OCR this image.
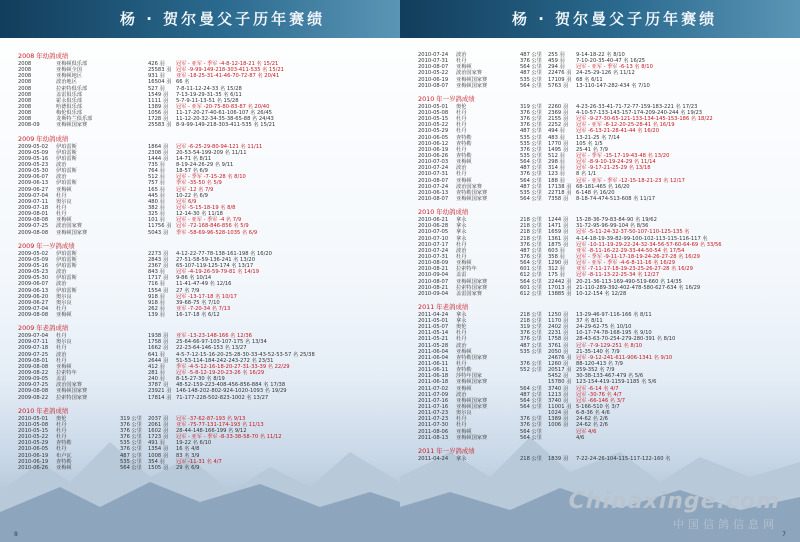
杨 · 贺尔曼父子历年赛绩
2008 年幼鸽成绩
2008	亚梅顿俱乐部	426 羽 冠军 - 亚军 - 季军 -4-8-12-18-21 名 15/21
2008	亚梅顿全国	25583 羽 冠军 -9-99-149-218-303-411-535 名 15/21
2008	亚梅顿地区	931 羽 亚军 -18-25-31-41-46-70-72-87 名 20/41
2008	波治地区	16504 羽 66 名
2008	拉索特俱乐部	527 羽 7-8-11-12-24-33 名 15/28
2008	盖雷俱乐部	1549 羽 7-13-19-29-31-35 名 6/11
2008	霍永俱乐部	1111 羽 5-7-9-11-13-51 名 15/28
2008	哈德俱乐部	1389 羽 冠军 - 亚军 -20-75-80-83-87 名 20/40
2008	梅伦俱乐部	1056 羽 11-17-20-27-40-61-106-107 名 26/45
2008	龙斯特兰俱乐部	1728 羽 11-12-20-32-34-35-38-65-88 名 24/43
2008-09	亚梅顿国家赛	25583 羽 8-9-99-149-218-303-411-535 名 15/21
2009 年幼鸽成绩
2009-05-02 伊珀雷斯	1864 羽 冠军 -6-25-29-80-94-121 名 11/11
2009-05-09 伊珀雷斯	2308 羽 20-53-54-199-209 名 11/11
2009-05-16 伊珀雷斯	1444 羽 14-71 名 8/11
2009-05-23 波治	735 羽 8-19-24-26-29 名 9/11
2009-05-30 伊珀雷斯	764 羽 18-57 名 6/9
2009-06-07 波治	512 羽 冠军 - 季军 -7-15-28 名 8/10
2009-06-13 伊珀雷斯	757 羽 季军 -35-50 名 5/9
2009-06-27 亚梅顿	165 羽 冠军 -12 名 7/9
2009-07-04 杜丹	445 羽 10-22 名 6/9
2009-07-11 奥尔良	480 羽 冠军 6/9
2009-07-18 杜丹	382 羽 冠军 -5-15-18-19 名 8/8
2009-08-01 杜丹	325 羽 12-14-30 名 11/18
2009-08-08 亚梅顿	101 羽 冠军 - 亚军 - 季军 -4 名 7/9
2009-07-25 波治国家赛	11756 羽 冠军 -72-168-846-856 名 5/9
2009-08-08 亚梅顿国家赛	5043 羽 季军 -58-69-96-528-1035 名 6/9
2009 年一岁鸽成绩
2009-05-02 伊珀雷斯	2273 羽 4-12-22-77-78-138-161-198 名 16/20
2009-05-09 伊珀雷斯	2843 羽 27-51-58-59-136-241 名 13/20
2009-05-16 伊珀雷斯	2367 羽 65-107-119-125-174 名 13/17
2009-05-23 波治	843 羽 冠军 -4-19-26-59-79-81 名 14/19
2009-05-30 伊珀雷斯	1717 羽 9-86 名 10/14
2009-06-07 波治	716 羽 11-41-47-49 名 12/16
2009-06-13 伊珀雷斯	1554 羽 27 名 7/9
2009-06-20 奥尔良	918 羽 冠军 -13-17-18 名 10/17
2009-06-27 奥尔良	918 羽 39-68-75 名 7/10
2009-07-04 杜丹	262 羽 亚军 -7-20-34 名 7/13
2009-08-08 亚梅顿	139 羽 16-17-18 名 6/12
2009 年老鸽成绩
2009-07-04 杜丹	1938 羽 亚军 -13-23-148-166 名 12/36
2009-07-11 奥尔良	1758 羽 25-64-66-97-103-107-175 名 13/34
2009-07-18 杜丹	1662 羽 22-23-64-146-153 名 13/27
2009-07-25 波治	641 羽 4-5-7-12-15-16-20-25-28-30-33-43-52-53-57 名 25/38
2009-08-01 杜丹	2644 羽 51-53-114-184-242-243-272 名 23/31
2009-08-08 亚梅顿	412 羽 季军 -4-5-12-16-18-20-27-31-33-39 名 22/29
2009-08-22 拉索特年	281 羽 冠军 -5-8-12-19-20-23-26 名 16/29
2009-09-05 盖雷	240 羽 8-15-27-30 名 8/19
2009-07-25 波治国家赛	3787 羽 48-52-159-223-408-456-856-884 名 17/38
2009-08-08 亚梅顿国家赛	23921 羽 146-148-202-802-924-1020-1093 名 19/29
2009-08-22 拉索特国家赛	17814 羽 71-177-228-502-823-1002 名 13/27
2010 年老鸽成绩
2010-05-01 奥伦	319 公里 2037 羽 冠军 -37-62-87-193 名 9/13
2010-05-08 杜丹	376 公里 2061 羽 亚军 -75-77-131-174-193 名 11/13
2010-05-15 杜丹	376 公里 1602 羽 28-44-148-166-199 名 9/12
2010-05-22 杜丹	376 公里 1723 羽 冠军 - 亚军 - 季军 -8-33-38-58-70 名 11/12
2010-05-29 查特勒	535 公里 491 羽 19-22 名 6/10
2010-06-05 杜丹	376 公里 1354 羽 16 名 4/8
2010-06-19 布卢瓦	487 公里 1008 羽 83 名 3/9
2010-06-19 查特勒	535 公里 354 羽 冠军 -11-31 名 4/7
2010-06-26 亚梅顿	564 公里 1505 羽 29 名 6/9
8
杨 · 贺尔曼父子历年赛绩
2010-07-24 波治	487 公里 255 羽 9-14-18-22 名 8/10
2010-07-31 杜丹	376 公里 459 羽 7-10-20-35-40-47 名 16/25
2010-08-07 亚梅顿	564 公里 294 羽 冠军 - 亚军 - 季军 -6-13 名 8/10
2010-05-22 波治国家赛	487 公里 22476 羽 24-25-29-126 名 11/12
2010-06-19 亚梅顿国家赛	535 公里 17109 羽 68 名 6/11
2010-08-07 亚梅顿国家赛	564 公里 5763 羽 13-110-147-282-434 名 7/10
2010 年一岁鸽成绩
2010-05-01 奥伦	319 公里 2260 羽 4-23-26-33-41-71-72-77-159-183-221 名 17/23
2010-05-08 杜丹	376 公里 2369 羽 4-10-57-133-143-157-174-209-240-244 名 19/23
2010-05-15 杜丹	376 公里 2155 羽 冠军 -9-27-30-65-121-133-134-145-153-186 名 18/22
2010-05-22 杜丹	376 公里 2252 羽 冠军 - 亚军 -8-12-20-25-28-41 名 16/19
2010-05-29 杜丹	487 公里 494 羽 冠军 -6-13-21-28-41-44 名 16/20
2010-06-05 查特勒	535 公里 483 羽 13-21-25 名 7/14
2010-06-12 查特勒	535 公里 1770 羽 105 名 1/5
2010-06-19 杜丹	376 公里 1495 羽 25-41 名 7/9
2010-06-26 查特勒	535 公里 512 羽 冠军 - 季军 -15-17-19-43-48 名 13/20
2010-07-03 亚梅顿	564 公里 298 羽 冠军 -8-9-10-19-24-29 名 11/14
2010-07-24 波治	487 公里 314 羽 冠军 -9-17-21-25-29 名 13/18
2010-07-31 杜丹	376 公里 123 羽 8 名 1/1
2010-08-07 亚梅顿	564 公里 188 羽 冠军 - 亚军 - 季军 -12-15-18-21-23 名 12/17
2010-07-24 波治国家赛	487 公里 17138 羽 68-181-465 名 16/20
2010-06-13 查特勒国家赛	535 公里 22718 羽 6-148 名 16/20
2010-08-07 亚梅顿国家赛	564 公里 7358 羽 8-18-74-474-513-608 名 11/17
2010 年幼鸽成绩
2010-06-21 拿永	218 公里 1244 羽 15-28-36-79-83-84-90 名 19/62
2010-06-28 拿永	218 公里 1471 羽 31-72-95-96-99-104 名 8/36
2010-07-05 拿永	218 公里 1659 羽 冠军 -5-11-24-32-37-50-107-110-125-135 名
2010-07-10 拿永	218 公里 1361 羽 4-14-18-19-39-82-99-100-102-113-115-116-117 名
2010-07-17 杜丹	376 公里 1875 羽 冠军 -10-11-19-29-22-24-32-34-56-57-60-64-69 名 33/56
2010-07-24 波治	487 公里 603 羽 亚军 -8-11-16-22-29-33-44-50-54 名 17/54
2010-07-31 杜丹	376 公里 358 羽 冠军 - 季军 -9-11-17-18-19-24-26-27-28 名 16/29
2010-08-09 亚梅顿	564 公里 1290 羽 冠军 - 亚军 - 季军 -4-6-8-11-16 名 16/29
2010-08-21 拉索特年	601 公里 312 羽 亚军 -7-11-17-18-19-23-25-26-27-28 名 16/29
2010-09-04 盖雷	612 公里 175 羽 冠军 -8-11-13-22-25-34 名 12/27
2010-08-07 亚梅顿国家赛	564 公里 22442 羽 20-21-36-113-169-490-519-660 名 14/35
2010-08-21 拉索特国家赛	601 公里 17013 羽 21-110-289-392-402-478-580-627-634 名 16/29
2010-09-04 盖雷国家赛	612 公里 13885 羽 10-12-154 名 12/28
2011 年老鸽成绩
2011-04-24 拿永	218 公里 1250 羽 13-29-46-97-116-166 名 8/11
2011-05-01 拿永	218 公里 1170 羽 37 名 8/11
2011-05-07 奥伦	319 公里 2402 羽 24-29-62-75 名 10/10
2011-05-14 杜丹	376 公里 2231 羽 10-17-74-78-168-195 名 9/10
2011-05-21 杜丹	376 公里 1758 羽 28-43-63-70-254-279-280-391 名 8/10
2011-05-28 波治	487 公里 3761 羽 冠军 -7-9-129-251 名 8/10
2011-06-04 亚梅顿	535 公里 2050 羽 21-35-140 名 7/9
2011-06-04 查特勒国家赛	24676 羽 冠军 -9-12-241-611-906-1341 名 9/10
2011-06-11 杜丹	376 公里 1260 羽 88-120-413 名 7/9
2011-06-11 查特勒	552 公里 20517 羽 259-352 名 7/9
2011-06-18 莎特年国家	5452 羽 30-38-133-467-479 名 5/6
2011-06-18 亚梅顿国家赛	15780 羽 123-154-419-1159-1185 名 5/6
2011-07-02 亚梅顿	564 公里 3740 羽 冠军 -6-14 名 4/7
2011-07-09 波治	487 公里 1213 羽 冠军 -30-76 名 4/7
2011-07-16 亚梅顿国家赛	564 公里 3740 羽 冠军 -66-146 名 3/7
2011-07-16 亚梅顿国家赛	564 公里 11001 羽 5-166-510 名 3/7
2011-07-23 奥尔良	1024 羽 6-8-36 名 4/6
2011-07-23 杜丹	376 公里 1389 羽 24-62 名 2/6
2011-07-30 杜丹	376 公里 1006 羽 24-62 名 2/6
2011-08-06 亚梅顿	564 公里	冠军 4/6
2011-08-13 亚梅顿国家赛	564 公里	4/6
2011 年一岁鸽成绩
2011-04-24 拿永	218 公里 1839 羽 7-22-24-26-104-115-117-122-160 名
Chinaxinge.com
中国信鸽信息网
7
